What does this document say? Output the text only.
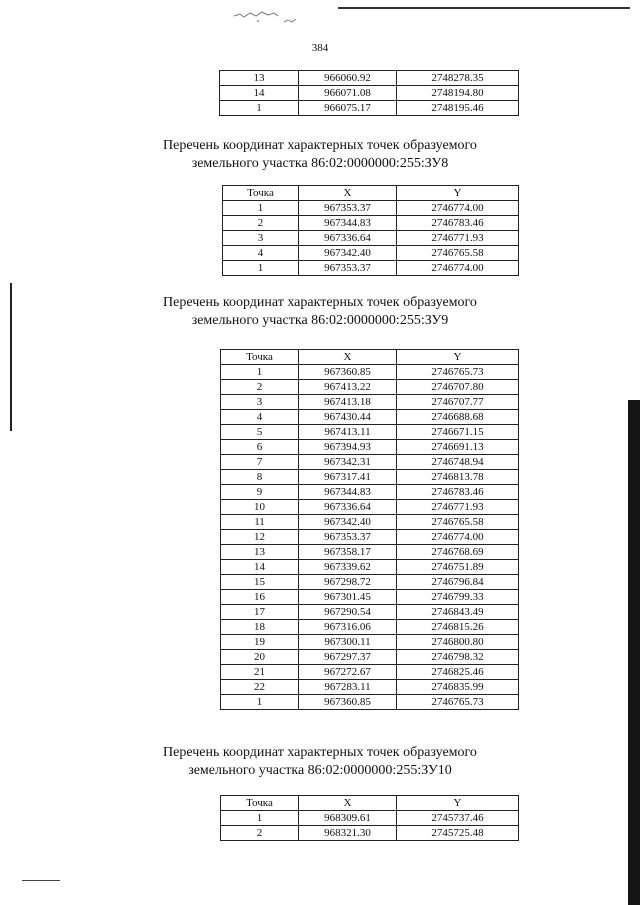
384
13	966060.92	2748278.35
14	966071.08	2748194.80
1	966075.17	2748195.46
Перечень координат характерных точек образуемого
земельного участка 86:02:0000000:255:ЗУ8
Точка	X	Y
1	967353.37	2746774.00
2	967344.83	2746783.46
3	967336.64	2746771.93
4	967342.40	2746765.58
1	967353.37	2746774.00
Перечень координат характерных точек образуемого
земельного участка 86:02:0000000:255:ЗУ9
Точка	X	Y
1	967360.85	2746765.73
2	967413.22	2746707.80
3	967413.18	2746707.77
4	967430.44	2746688.68
5	967413.11	2746671.15
6	967394.93	2746691.13
7	967342.31	2746748.94
8	967317.41	2746813.78
9	967344.83	2746783.46
10	967336.64	2746771.93
11	967342.40	2746765.58
12	967353.37	2746774.00
13	967358.17	2746768.69
14	967339.62	2746751.89
15	967298.72	2746796.84
16	967301.45	2746799.33
17	967290.54	2746843.49
18	967316.06	2746815.26
19	967300.11	2746800.80
20	967297.37	2746798.32
21	967272.67	2746825.46
22	967283.11	2746835.99
1	967360.85	2746765.73
Перечень координат характерных точек образуемого
земельного участка 86:02:0000000:255:ЗУ10
Точка	X	Y
1	968309.61	2745737.46
2	968321.30	2745725.48
